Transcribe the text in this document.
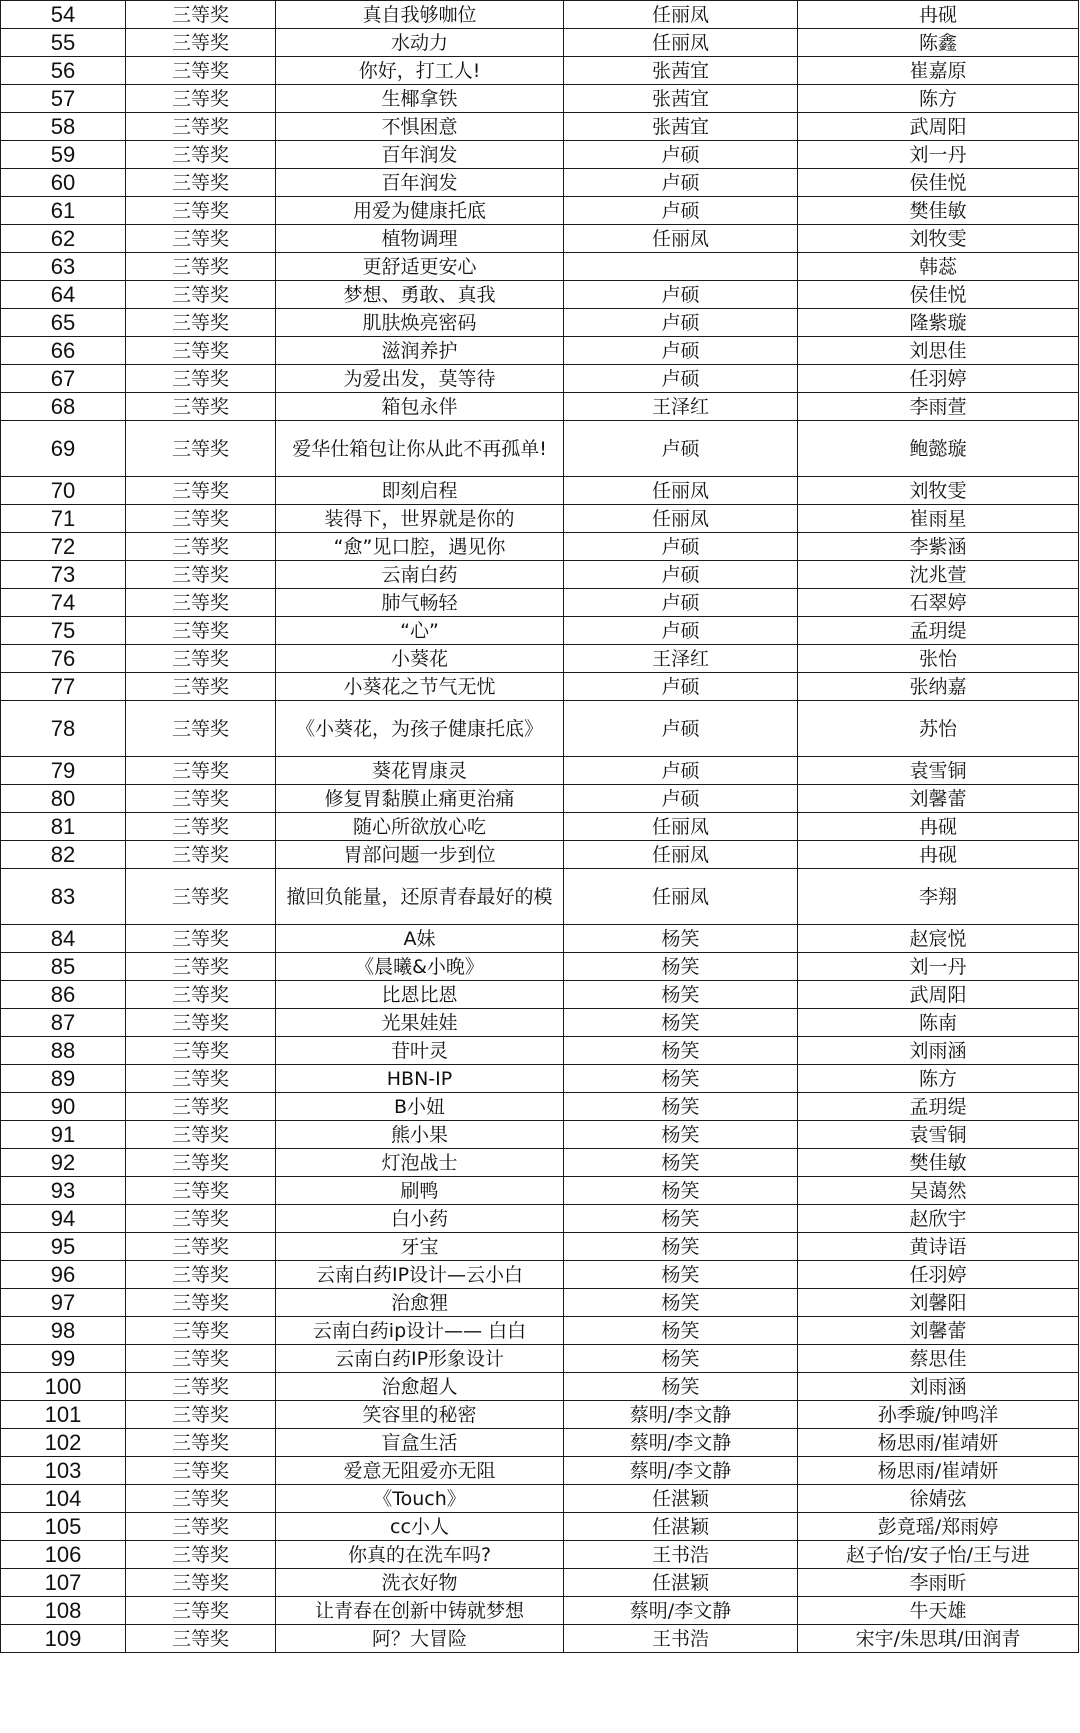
54	三等奖	真自我够咖位	任丽凤	冉砚
55	三等奖	水动力	任丽凤	陈鑫
56	三等奖	你好，打工人!	张茜宜	崔嘉原
57	三等奖	生椰拿铁	张茜宜	陈方
58	三等奖	不惧困意	张茜宜	武周阳
59	三等奖	百年润发	卢硕	刘一丹
60	三等奖	百年润发	卢硕	侯佳悦
61	三等奖	用爱为健康托底	卢硕	樊佳敏
62	三等奖	植物调理	任丽凤	刘牧雯
63	三等奖	更舒适更安心		韩蕊
64	三等奖	梦想、勇敢、真我	卢硕	侯佳悦
65	三等奖	肌肤焕亮密码	卢硕	隆紫璇
66	三等奖	滋润养护	卢硕	刘思佳
67	三等奖	为爱出发，莫等待	卢硕	任羽婷
68	三等奖	箱包永伴	王泽红	李雨萱
69	三等奖	爱华仕箱包让你从此不再孤单!	卢硕	鲍懿璇
70	三等奖	即刻启程	任丽凤	刘牧雯
71	三等奖	装得下，世界就是你的	任丽凤	崔雨星
72	三等奖	“愈”见口腔，遇见你	卢硕	李紫涵
73	三等奖	云南白药	卢硕	沈兆萱
74	三等奖	肺气畅轻	卢硕	石翠婷
75	三等奖	“心”	卢硕	孟玥缇
76	三等奖	小葵花	王泽红	张怡
77	三等奖	小葵花之节气无忧	卢硕	张纳嘉
78	三等奖	《小葵花，为孩子健康托底》	卢硕	苏怡
79	三等奖	葵花胃康灵	卢硕	袁雪铜
80	三等奖	修复胃黏膜止痛更治痛	卢硕	刘馨蕾
81	三等奖	随心所欲放心吃	任丽凤	冉砚
82	三等奖	胃部问题一步到位	任丽凤	冉砚
83	三等奖	撤回负能量，还原青春最好的模	任丽凤	李翔
84	三等奖	A妹	杨笑	赵宸悦
85	三等奖	《晨曦&小晚》	杨笑	刘一丹
86	三等奖	比恩比恩	杨笑	武周阳
87	三等奖	光果娃娃	杨笑	陈南
88	三等奖	苷叶灵	杨笑	刘雨涵
89	三等奖	HBN-IP	杨笑	陈方
90	三等奖	B小妞	杨笑	孟玥缇
91	三等奖	熊小果	杨笑	袁雪铜
92	三等奖	灯泡战士	杨笑	樊佳敏
93	三等奖	刷鸭	杨笑	吴蔼然
94	三等奖	白小药	杨笑	赵欣宇
95	三等奖	牙宝	杨笑	黄诗语
96	三等奖	云南白药IP设计—云小白	杨笑	任羽婷
97	三等奖	治愈狸	杨笑	刘馨阳
98	三等奖	云南白药ip设计—— 白白	杨笑	刘馨蕾
99	三等奖	云南白药IP形象设计	杨笑	蔡思佳
100	三等奖	治愈超人	杨笑	刘雨涵
101	三等奖	笑容里的秘密	蔡明/李文静	孙季璇/钟鸣洋
102	三等奖	盲盒生活	蔡明/李文静	杨思雨/崔靖妍
103	三等奖	爱意无阻爱亦无阻	蔡明/李文静	杨思雨/崔靖妍
104	三等奖	《Touch》	任湛颖	徐婧弦
105	三等奖	cc小人	任湛颖	彭竟瑶/郑雨婷
106	三等奖	你真的在洗车吗?	王书浩	赵子怡/安子怡/王与进
107	三等奖	洗衣好物	任湛颖	李雨昕
108	三等奖	让青春在创新中铸就梦想	蔡明/李文静	牛天雄
109	三等奖	阿？大冒险	王书浩	宋宇/朱思琪/田润青
